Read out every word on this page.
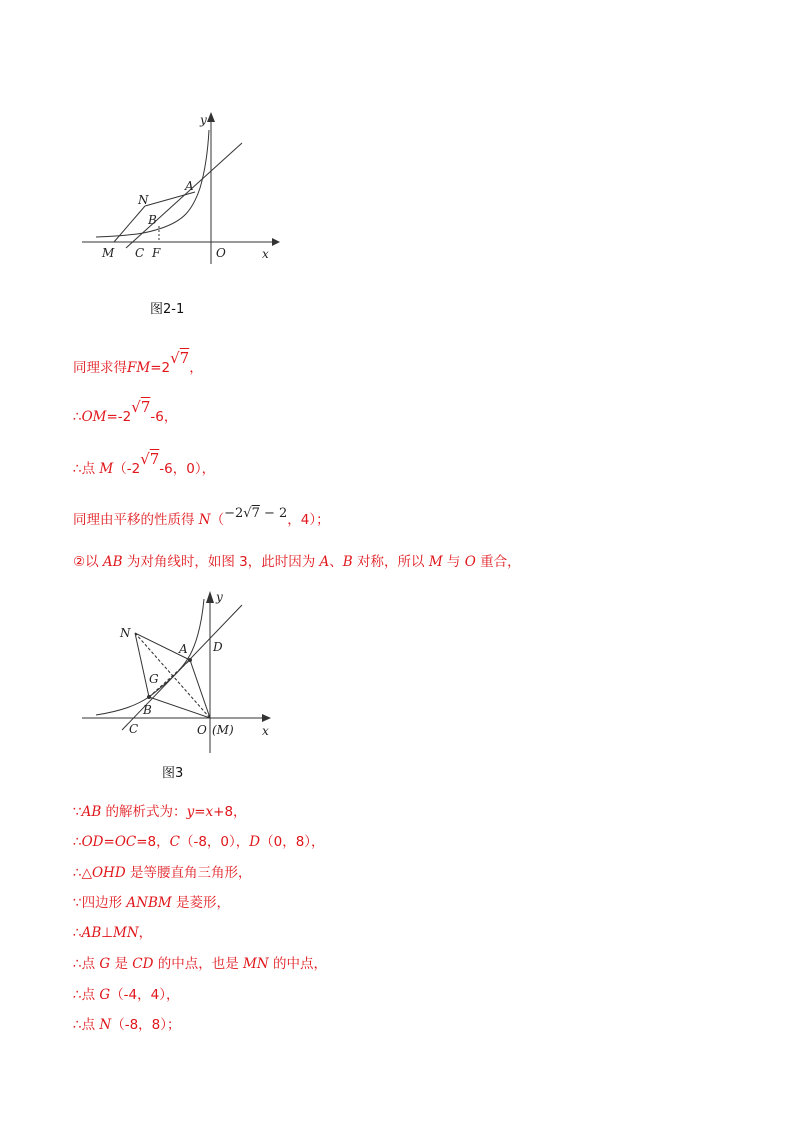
y
x
N
A
B
M C F	O
图2-1
同理求得FM=2√7，
∴OM=-2√7-6，
∴点 M（-2√7-6，0），
同理由平移的性质得 N（−2√7 − 2，4）；
②以 AB 为对角线时，如图 3，此时因为 A、B 对称，所以 M 与 O 重合，
y
x
N
A D
G
B
C	O (M)
图3
∵AB 的解析式为：y=x+8，
∴OD=OC=8，C（-8，0），D（0，8），
∴△OHD 是等腰直角三角形，
∵四边形 ANBM 是菱形，
∴AB⊥MN，
∴点 G 是 CD 的中点，也是 MN 的中点，
∴点 G（-4，4），
∴点 N（-8，8）；
